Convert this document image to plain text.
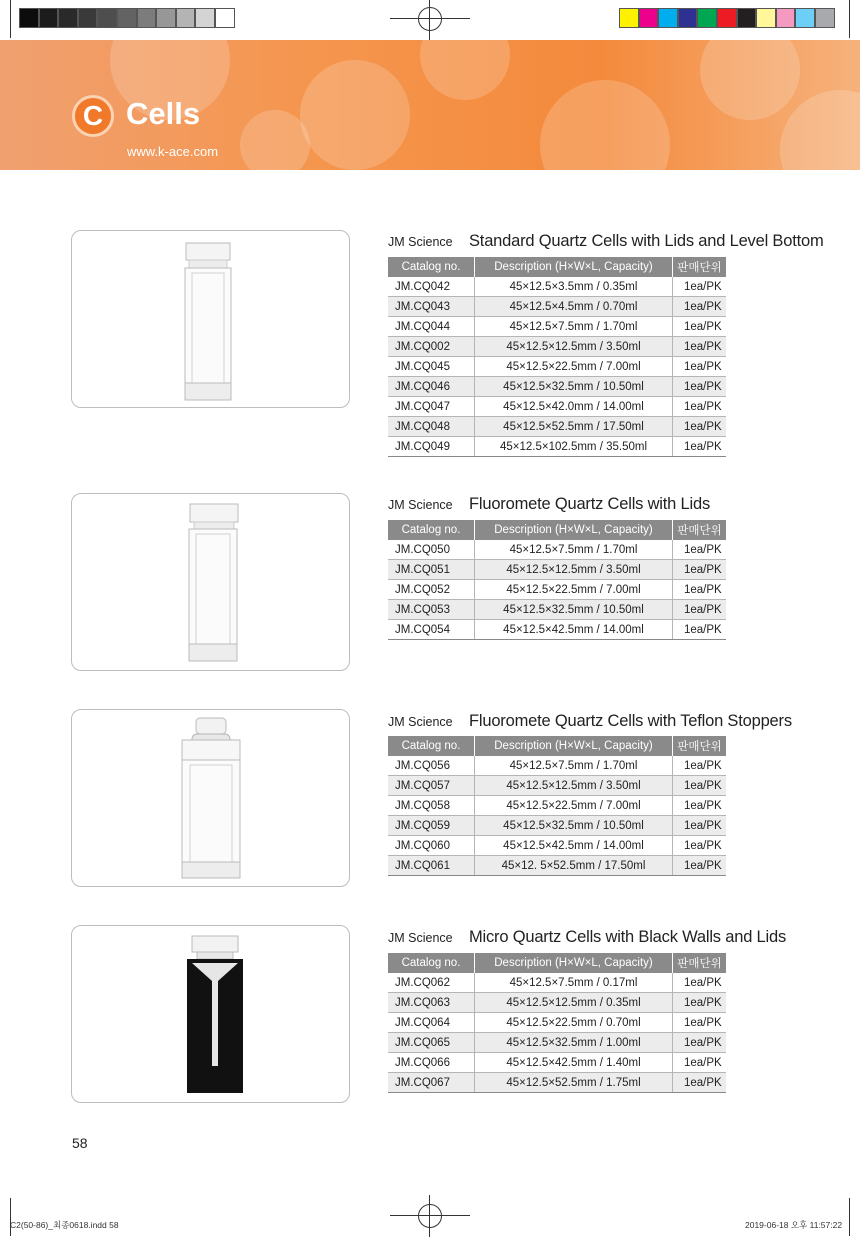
C Cells
www.k-ace.com
JM Science Standard Quartz Cells with Lids and Level Bottom
Catalog no.	Description (H×W×L, Capacity)	판매단위
JM.CQ042	45×12.5×3.5mm / 0.35ml	1ea/PK
JM.CQ043	45×12.5×4.5mm / 0.70ml	1ea/PK
JM.CQ044	45×12.5×7.5mm / 1.70ml	1ea/PK
JM.CQ002	45×12.5×12.5mm / 3.50ml	1ea/PK
JM.CQ045	45×12.5×22.5mm / 7.00ml	1ea/PK
JM.CQ046	45×12.5×32.5mm / 10.50ml	1ea/PK
JM.CQ047	45×12.5×42.0mm / 14.00ml	1ea/PK
JM.CQ048	45×12.5×52.5mm / 17.50ml	1ea/PK
JM.CQ049	45×12.5×102.5mm / 35.50ml	1ea/PK
JM Science Fluoromete Quartz Cells with Lids
Catalog no.	Description (H×W×L, Capacity)	판매단위
JM.CQ050	45×12.5×7.5mm / 1.70ml	1ea/PK
JM.CQ051	45×12.5×12.5mm / 3.50ml	1ea/PK
JM.CQ052	45×12.5×22.5mm / 7.00ml	1ea/PK
JM.CQ053	45×12.5×32.5mm / 10.50ml	1ea/PK
JM.CQ054	45×12.5×42.5mm / 14.00ml	1ea/PK
JM Science Fluoromete Quartz Cells with Teflon Stoppers
Catalog no.	Description (H×W×L, Capacity)	판매단위
JM.CQ056	45×12.5×7.5mm / 1.70ml	1ea/PK
JM.CQ057	45×12.5×12.5mm / 3.50ml	1ea/PK
JM.CQ058	45×12.5×22.5mm / 7.00ml	1ea/PK
JM.CQ059	45×12.5×32.5mm / 10.50ml	1ea/PK
JM.CQ060	45×12.5×42.5mm / 14.00ml	1ea/PK
JM.CQ061	45×12. 5×52.5mm / 17.50ml	1ea/PK
JM Science Micro Quartz Cells with Black Walls and Lids
Catalog no.	Description (H×W×L, Capacity)	판매단위
JM.CQ062	45×12.5×7.5mm / 0.17ml	1ea/PK
JM.CQ063	45×12.5×12.5mm / 0.35ml	1ea/PK
JM.CQ064	45×12.5×22.5mm / 0.70ml	1ea/PK
JM.CQ065	45×12.5×32.5mm / 1.00ml	1ea/PK
JM.CQ066	45×12.5×42.5mm / 1.40ml	1ea/PK
JM.CQ067	45×12.5×52.5mm / 1.75ml	1ea/PK
58
C2(50-86)_최종0618.indd 58	2019-06-18 오후 11:57:22
